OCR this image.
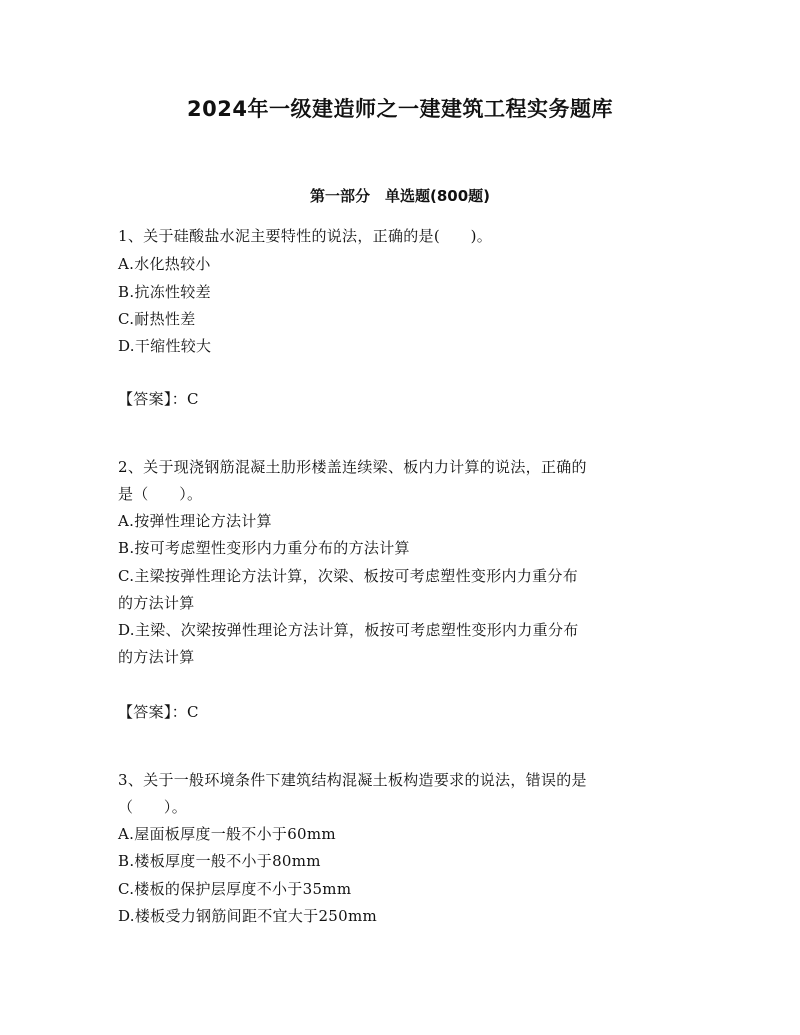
2024年一级建造师之一建建筑工程实务题库
第一部分　单选题(800题)
1、关于硅酸盐水泥主要特性的说法，正确的是(　　)。
A.水化热较小
B.抗冻性较差
C.耐热性差
D.干缩性较大
【答案】：C
2、关于现浇钢筋混凝土肋形楼盖连续梁、板内力计算的说法，正确的
是（　　）。
A.按弹性理论方法计算
B.按可考虑塑性变形内力重分布的方法计算
C.主梁按弹性理论方法计算，次梁、板按可考虑塑性变形内力重分布
的方法计算
D.主梁、次梁按弹性理论方法计算，板按可考虑塑性变形内力重分布
的方法计算
【答案】：C
3、关于一般环境条件下建筑结构混凝土板构造要求的说法，错误的是
（　　）。
A.屋面板厚度一般不小于60mm
B.楼板厚度一般不小于80mm
C.楼板的保护层厚度不小于35mm
D.楼板受力钢筋间距不宜大于250mm
